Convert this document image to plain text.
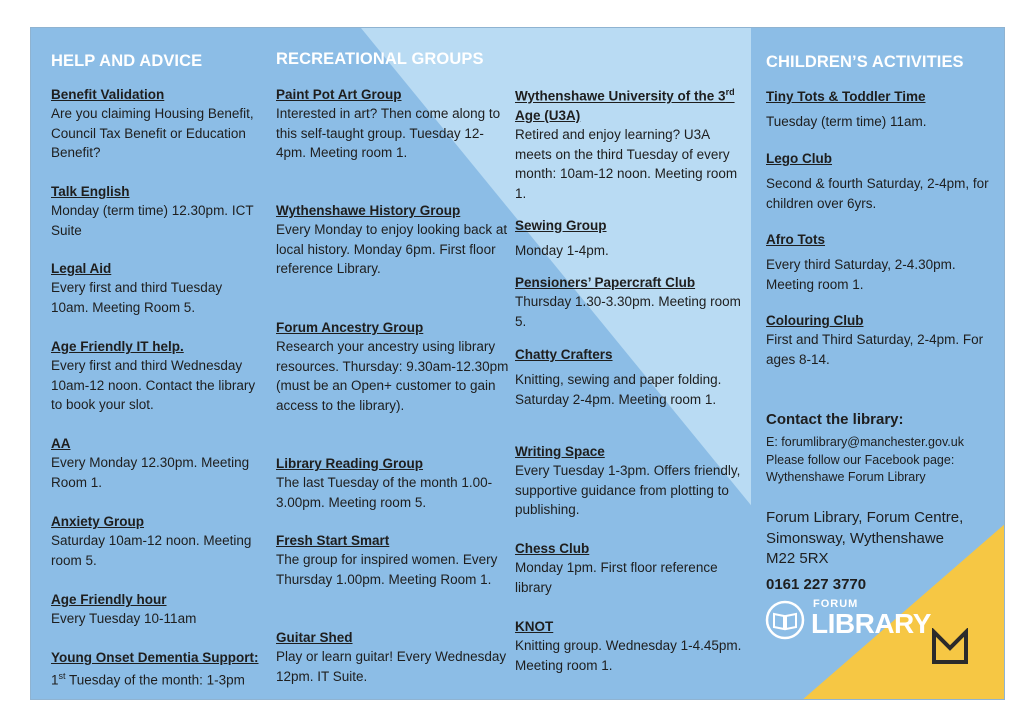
HELP AND ADVICE
Benefit Validation
Are you claiming Housing Benefit, Council Tax Benefit or Education Benefit?
Talk English
Monday (term time) 12.30pm. ICT Suite
Legal Aid
Every first and third Tuesday 10am. Meeting Room 5.
Age Friendly IT help.
Every first and third Wednesday 10am-12 noon. Contact the library to book your slot.
AA
Every Monday 12.30pm. Meeting Room 1.
Anxiety Group
Saturday 10am-12 noon. Meeting room 5.
Age Friendly hour
Every Tuesday 10-11am
Young Onset Dementia Support:
1st Tuesday of the month: 1-3pm
RECREATIONAL GROUPS
Paint Pot Art Group
Interested in art? Then come along to this self-taught group. Tuesday 12-4pm. Meeting room 1.
Wythenshawe History Group
Every Monday to enjoy looking back at local history. Monday 6pm. First floor reference Library.
Forum Ancestry Group
Research your ancestry using library resources. Thursday: 9.30am-12.30pm (must be an Open+ customer to gain access to the library).
Library Reading Group
The last Tuesday of the month 1.00-3.00pm. Meeting room 5.
Fresh Start Smart
The group for inspired women. Every Thursday 1.00pm. Meeting Room 1.
Guitar Shed
Play or learn guitar! Every Wednesday 12pm. IT Suite.
Wythenshawe University of the 3rd Age (U3A)
Retired and enjoy learning? U3A meets on the third Tuesday of every month: 10am-12 noon. Meeting room 1.
Sewing Group
Monday 1-4pm.
Pensioners’ Papercraft Club
Thursday 1.30-3.30pm. Meeting room 5.
Chatty Crafters
Knitting, sewing and paper folding. Saturday 2-4pm. Meeting room 1.
Writing Space
Every Tuesday 1-3pm. Offers friendly, supportive guidance from plotting to publishing.
Chess Club
Monday 1pm. First floor reference library
KNOT
Knitting group. Wednesday 1-4.45pm. Meeting room 1.
CHILDREN’S ACTIVITIES
Tiny Tots & Toddler Time
Tuesday (term time) 11am.
Lego Club
Second & fourth Saturday, 2-4pm, for children over 6yrs.
Afro Tots
Every third Saturday, 2-4.30pm. Meeting room 1.
Colouring Club
First and Third Saturday, 2-4pm. For ages 8-14.
Contact the library:
E: forumlibrary@manchester.gov.uk
Please follow our Facebook page:
Wythenshawe Forum Library
Forum Library, Forum Centre,
Simonsway, Wythenshawe
M22 5RX
0161 227 3770
FORUM
LIBRARY
